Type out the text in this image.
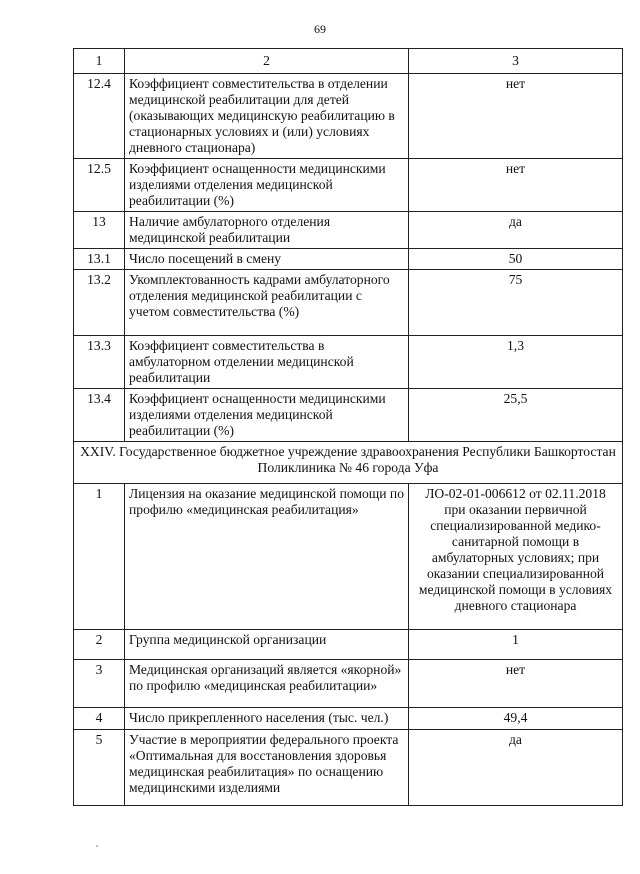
69
1	2	3
12.4	Коэффициент совместительства в отделении медицинской реабилитации для детей (оказывающих медицинскую реабилитацию в стационарных условиях и (или) условиях дневного стационара)	нет
12.5	Коэффициент оснащенности медицинскими изделиями отделения медицинской реабилитации (%)	нет
13	Наличие амбулаторного отделения медицинской реабилитации	да
13.1	Число посещений в смену	50
13.2	Укомплектованность кадрами амбулаторного отделения медицинской реабилитации с учетом совместительства (%)	75
13.3	Коэффициент совместительства в амбулаторном отделении медицинской реабилитации	1,3
13.4	Коэффициент оснащенности медицинскими изделиями отделения медицинской реабилитации (%)	25,5
XXIV. Государственное бюджетное учреждение здравоохранения Республики Башкортостан Поликлиника № 46 города Уфа		
1	Лицензия на оказание медицинской помощи по профилю «медицинская реабилитация»	ЛО-02-01-006612 от 02.11.2018 при оказании первичной специализированной медико-санитарной помощи в амбулаторных условиях; при оказании специализированной медицинской помощи в условиях дневного стационара
2	Группа медицинской организации	1
3	Медицинская организаций является «якорной» по профилю «медицинская реабилитации»	нет
4	Число прикрепленного населения (тыс. чел.)	49,4
5	Участие в мероприятии федерального проекта «Оптимальная для восстановления здоровья медицинская реабилитация» по оснащению медицинскими изделиями	да
